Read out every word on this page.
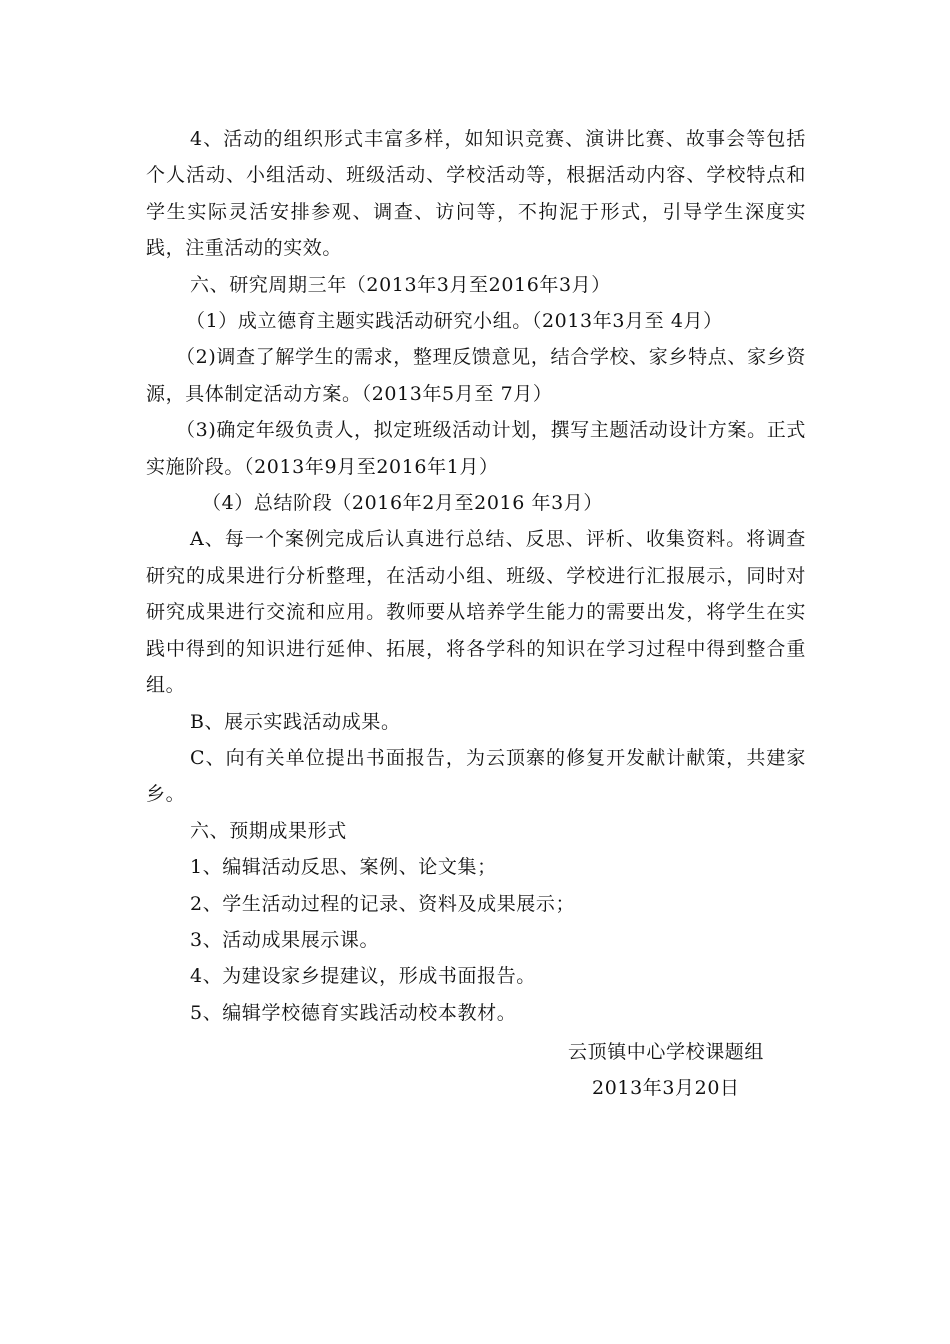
4、活动的组织形式丰富多样，如知识竞赛、演讲比赛、故事会等包括个人活动、小组活动、班级活动、学校活动等，根据活动内容、学校特点和学生实际灵活安排参观、调查、访问等，不拘泥于形式，引导学生深度实践，注重活动的实效。

六、研究周期三年（2013年3月至2016年3月）

（1）成立德育主题实践活动研究小组。（2013年3月至 4月）

（2)调查了解学生的需求，整理反馈意见，结合学校、家乡特点、家乡资源，具体制定活动方案。（2013年5月至 7月）

（3)确定年级负责人，拟定班级活动计划，撰写主题活动设计方案。正式实施阶段。（2013年9月至2016年1月）

（4）总结阶段（2016年2月至2016 年3月）

A、每一个案例完成后认真进行总结、反思、评析、收集资料。将调查研究的成果进行分析整理，在活动小组、班级、学校进行汇报展示，同时对研究成果进行交流和应用。教师要从培养学生能力的需要出发，将学生在实践中得到的知识进行延伸、拓展，将各学科的知识在学习过程中得到整合重组。

B、展示实践活动成果。

C、向有关单位提出书面报告，为云顶寨的修复开发献计献策，共建家乡。

六、预期成果形式

1、编辑活动反思、案例、论文集；

2、学生活动过程的记录、资料及成果展示；

3、活动成果展示课。

4、为建设家乡提建议，形成书面报告。

5、编辑学校德育实践活动校本教材。

云顶镇中心学校课题组
2013年3月20日
